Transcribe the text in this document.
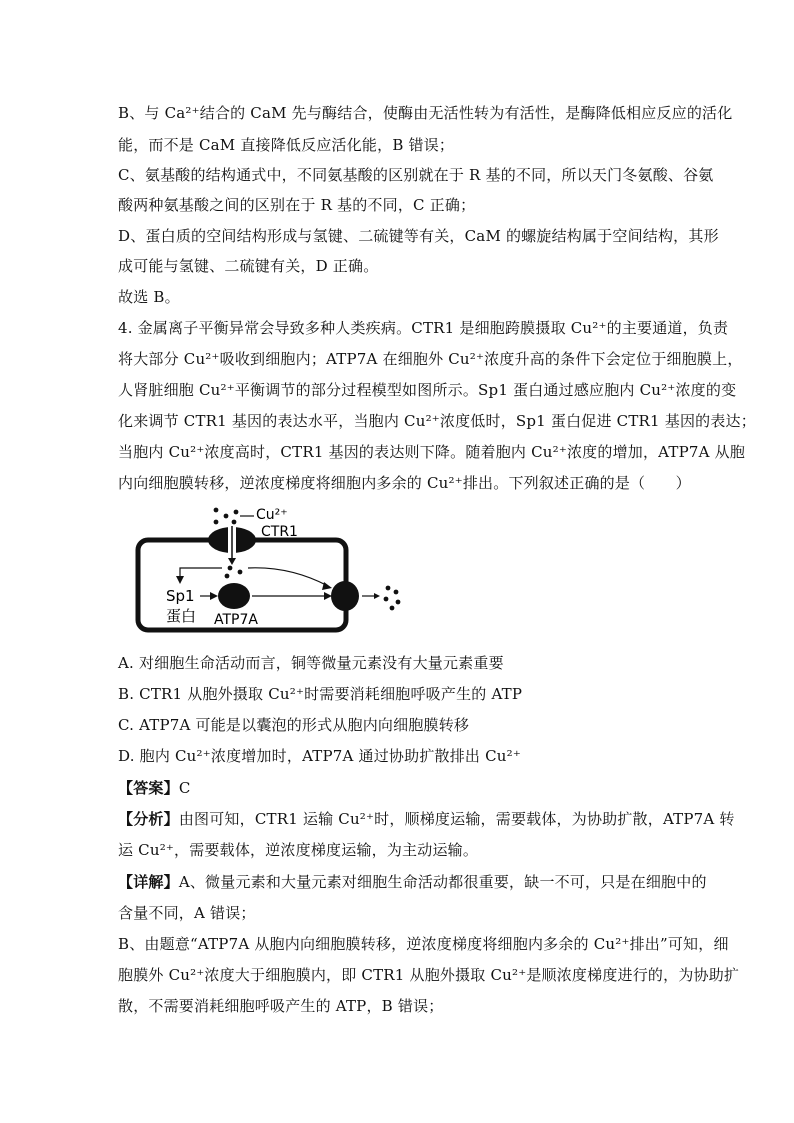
B、与 Ca²⁺结合的 CaM 先与酶结合，使酶由无活性转为有活性，是酶降低相应反应的活化
能，而不是 CaM 直接降低反应活化能，B 错误；
C、氨基酸的结构通式中，不同氨基酸的区别就在于 R 基的不同，所以天门冬氨酸、谷氨
酸两种氨基酸之间的区别在于 R 基的不同，C 正确；
D、蛋白质的空间结构形成与氢键、二硫键等有关，CaM 的螺旋结构属于空间结构，其形
成可能与氢键、二硫键有关，D 正确。
故选 B。
4. 金属离子平衡异常会导致多种人类疾病。CTR1 是细胞跨膜摄取 Cu²⁺的主要通道，负责
将大部分 Cu²⁺吸收到细胞内；ATP7A 在细胞外 Cu²⁺浓度升高的条件下会定位于细胞膜上，
人肾脏细胞 Cu²⁺平衡调节的部分过程模型如图所示。Sp1 蛋白通过感应胞内 Cu²⁺浓度的变
化来调节 CTR1 基因的表达水平，当胞内 Cu²⁺浓度低时，Sp1 蛋白促进 CTR1 基因的表达；
当胞内 Cu²⁺浓度高时，CTR1 基因的表达则下降。随着胞内 Cu²⁺浓度的增加，ATP7A 从胞
内向细胞膜转移，逆浓度梯度将细胞内多余的 Cu²⁺排出。下列叙述正确的是（　　）
Cu²⁺
CTR1
Sp1
蛋白 ATP7A
A. 对细胞生命活动而言，铜等微量元素没有大量元素重要
B. CTR1 从胞外摄取 Cu²⁺时需要消耗细胞呼吸产生的 ATP
C. ATP7A 可能是以囊泡的形式从胞内向细胞膜转移
D. 胞内 Cu²⁺浓度增加时，ATP7A 通过协助扩散排出 Cu²⁺
【答案】C
【分析】由图可知，CTR1 运输 Cu²⁺时，顺梯度运输，需要载体，为协助扩散，ATP7A 转
运 Cu²⁺，需要载体，逆浓度梯度运输，为主动运输。
【详解】A、微量元素和大量元素对细胞生命活动都很重要，缺一不可，只是在细胞中的
含量不同，A 错误；
B、由题意“ATP7A 从胞内向细胞膜转移，逆浓度梯度将细胞内多余的 Cu²⁺排出”可知，细
胞膜外 Cu²⁺浓度大于细胞膜内，即 CTR1 从胞外摄取 Cu²⁺是顺浓度梯度进行的，为协助扩
散，不需要消耗细胞呼吸产生的 ATP，B 错误；
